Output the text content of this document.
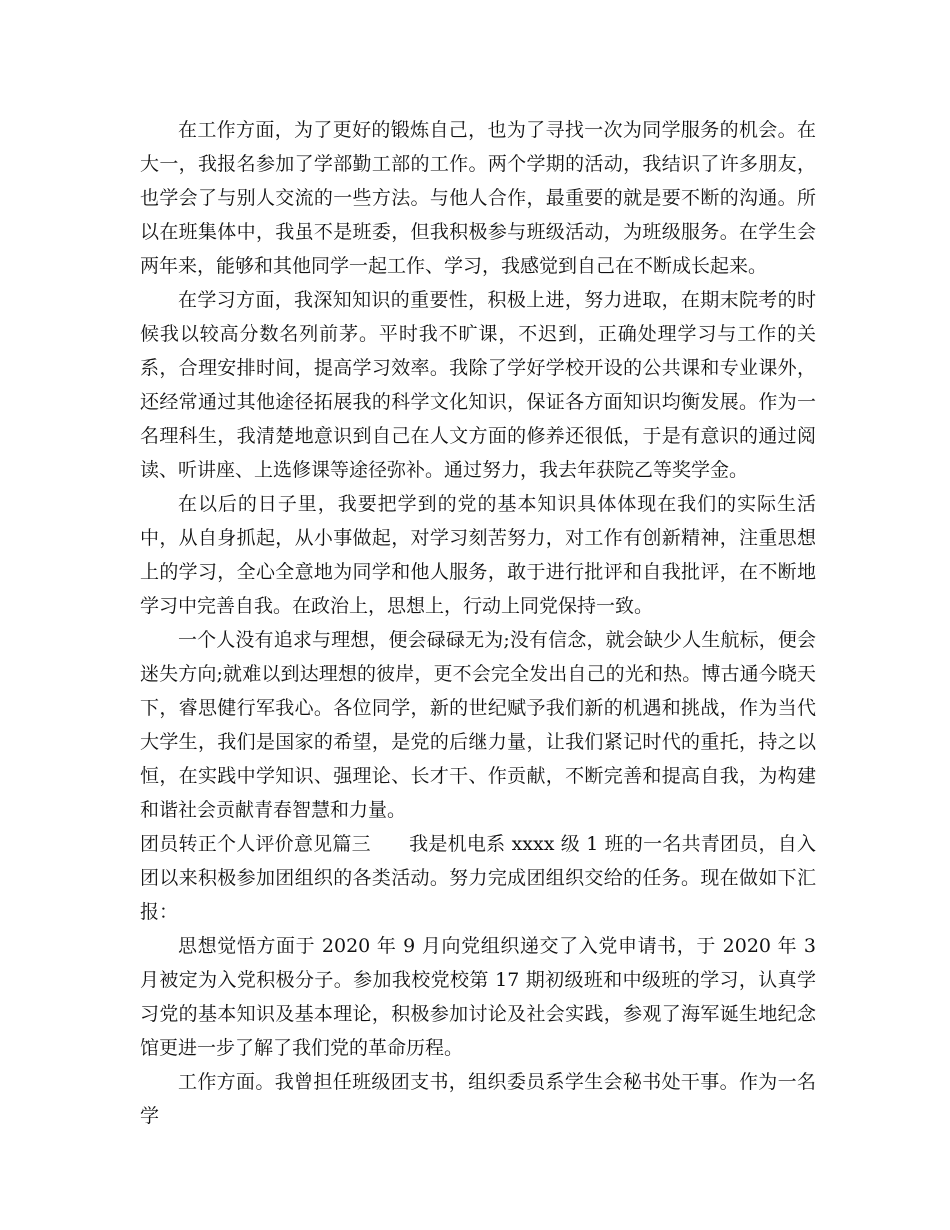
在工作方面，为了更好的锻炼自己，也为了寻找一次为同学服务的机会。在大一，我报名参加了学部勤工部的工作。两个学期的活动，我结识了许多朋友，也学会了与别人交流的一些方法。与他人合作，最重要的就是要不断的沟通。所以在班集体中，我虽不是班委，但我积极参与班级活动，为班级服务。在学生会两年来，能够和其他同学一起工作、学习，我感觉到自己在不断成长起来。

在学习方面，我深知知识的重要性，积极上进，努力进取，在期末院考的时候我以较高分数名列前茅。平时我不旷课，不迟到，正确处理学习与工作的关系，合理安排时间，提高学习效率。我除了学好学校开设的公共课和专业课外，还经常通过其他途径拓展我的科学文化知识，保证各方面知识均衡发展。作为一名理科生，我清楚地意识到自己在人文方面的修养还很低，于是有意识的通过阅读、听讲座、上选修课等途径弥补。通过努力，我去年获院乙等奖学金。

在以后的日子里，我要把学到的党的基本知识具体体现在我们的实际生活中，从自身抓起，从小事做起，对学习刻苦努力，对工作有创新精神，注重思想上的学习，全心全意地为同学和他人服务，敢于进行批评和自我批评，在不断地学习中完善自我。在政治上，思想上，行动上同党保持一致。

一个人没有追求与理想，便会碌碌无为;没有信念，就会缺少人生航标，便会迷失方向;就难以到达理想的彼岸，更不会完全发出自己的光和热。博古通今晓天下，睿思健行军我心。各位同学，新的世纪赋予我们新的机遇和挑战，作为当代大学生，我们是国家的希望，是党的后继力量，让我们紧记时代的重托，持之以恒，在实践中学知识、强理论、长才干、作贡献，不断完善和提高自我，为构建和谐社会贡献青春智慧和力量。

团员转正个人评价意见篇三 我是机电系 xxxx 级 1 班的一名共青团员，自入团以来积极参加团组织的各类活动。努力完成团组织交给的任务。现在做如下汇报：

思想觉悟方面于 2020 年 9 月向党组织递交了入党申请书，于 2020 年 3 月被定为入党积极分子。参加我校党校第 17 期初级班和中级班的学习，认真学习党的基本知识及基本理论，积极参加讨论及社会实践，参观了海军诞生地纪念馆更进一步了解了我们党的革命历程。

工作方面。我曾担任班级团支书，组织委员系学生会秘书处干事。作为一名学
